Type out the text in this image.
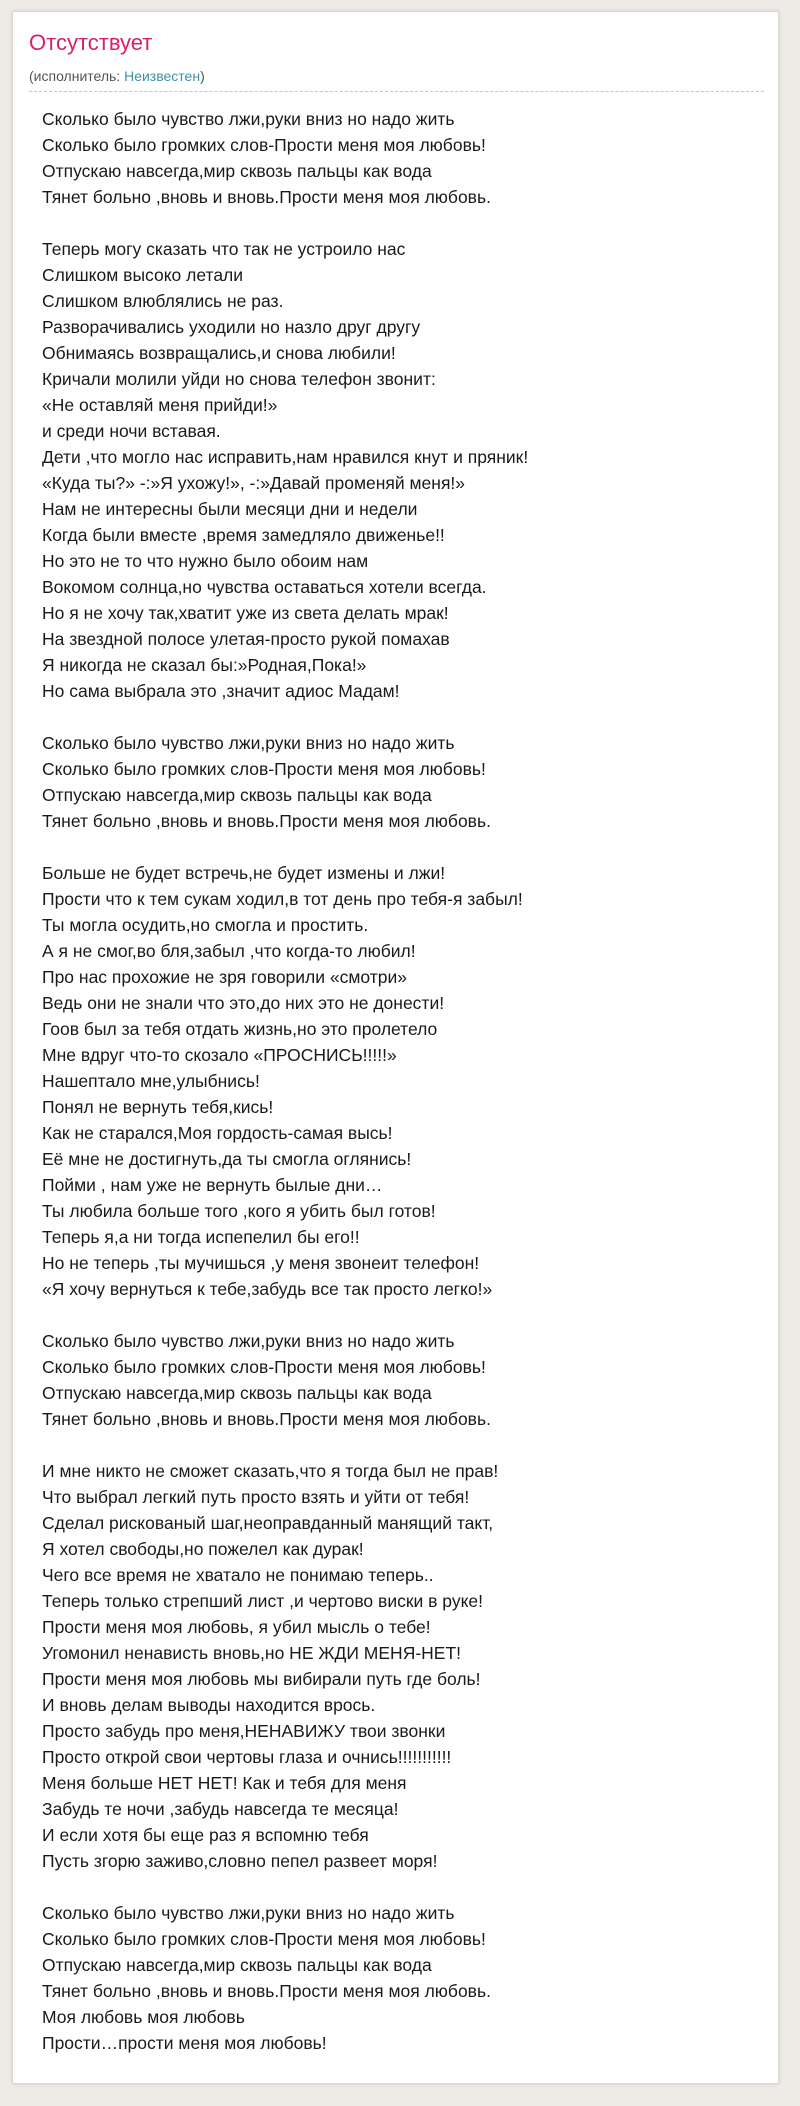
Отсутствует
(исполнитель: Неизвестен)
Сколько было чувство лжи,руки вниз но надо жить
Сколько было громких слов-Прости меня моя любовь!
Отпускаю навсегда,мир сквозь пальцы как вода
Тянет больно ,вновь и вновь.Прости меня моя любовь.
Теперь могу сказать что так не устроило нас
Слишком высоко летали
Слишком влюблялись не раз.
Разворачивались уходили но назло друг другу
Обнимаясь возвращались,и снова любили!
Кричали молили уйди но снова телефон звонит:
«Не оставляй меня прийди!»
и среди ночи вставая.
Дети ,что могло нас исправить,нам нравился кнут и пряник!
«Куда ты?» -:»Я ухожу!», -:»Давай променяй меня!»
Нам не интересны были месяци дни и недели
Когда были вместе ,время замедляло движенье!!
Но это не то что нужно было обоим нам
Вокомом солнца,но чувства оставаться хотели всегда.
Но я не хочу так,хватит уже из света делать мрак!
На звездной полосе улетая-просто рукой помахав
Я никогда не сказал бы:»Родная,Пока!»
Но сама выбрала это ,значит адиос Мадам!
Сколько было чувство лжи,руки вниз но надо жить
Сколько было громких слов-Прости меня моя любовь!
Отпускаю навсегда,мир сквозь пальцы как вода
Тянет больно ,вновь и вновь.Прости меня моя любовь.
Больше не будет встречь,не будет измены и лжи!
Прости что к тем сукам ходил,в тот день про тебя-я забыл!
Ты могла осудить,но смогла и простить.
А я не смог,во бля,забыл ,что когда-то любил!
Про нас прохожие не зря говорили «смотри»
Ведь они не знали что это,до них это не донести!
Гоов был за тебя отдать жизнь,но это пролетело
Мне вдруг что-то скозало «ПРОСНИСЬ!!!!!»
Нашептало мне,улыбнись!
Понял не вернуть тебя,кись!
Как не старался,Моя гордость-самая высь!
Её мне не достигнуть,да ты смогла оглянись!
Пойми , нам уже не вернуть былые дни…
Ты любила больше того ,кого я убить был готов!
Теперь я,а ни тогда испепелил бы его!!
Но не теперь ,ты мучишься ,у меня звонеит телефон!
«Я хочу вернуться к тебе,забудь все так просто легко!»
Сколько было чувство лжи,руки вниз но надо жить
Сколько было громких слов-Прости меня моя любовь!
Отпускаю навсегда,мир сквозь пальцы как вода
Тянет больно ,вновь и вновь.Прости меня моя любовь.
И мне никто не сможет сказать,что я тогда был не прав!
Что выбрал легкий путь просто взять и уйти от тебя!
Сделал рискованый шаг,неоправданный манящий такт,
Я хотел свободы,но пожелел как дурак!
Чего все время не хватало не понимаю теперь..
Теперь только стрепший лист ,и чертово виски в руке!
Прости меня моя любовь, я убил мысль о тебе!
Угомонил ненависть вновь,но НЕ ЖДИ МЕНЯ-НЕТ!
Прости меня моя любовь мы вибирали путь где боль!
И вновь делам выводы находится врось.
Просто забудь про меня,НЕНАВИЖУ твои звонки
Просто открой свои чертовы глаза и очнись!!!!!!!!!!!
Меня больше НЕТ НЕТ! Как и тебя для меня
Забудь те ночи ,забудь навсегда те месяца!
И если хотя бы еще раз я вспомню тебя
Пусть згорю заживо,словно пепел развеет моря!
Сколько было чувство лжи,руки вниз но надо жить
Сколько было громких слов-Прости меня моя любовь!
Отпускаю навсегда,мир сквозь пальцы как вода
Тянет больно ,вновь и вновь.Прости меня моя любовь.
Моя любовь моя любовь
Прости…прости меня моя любовь!
